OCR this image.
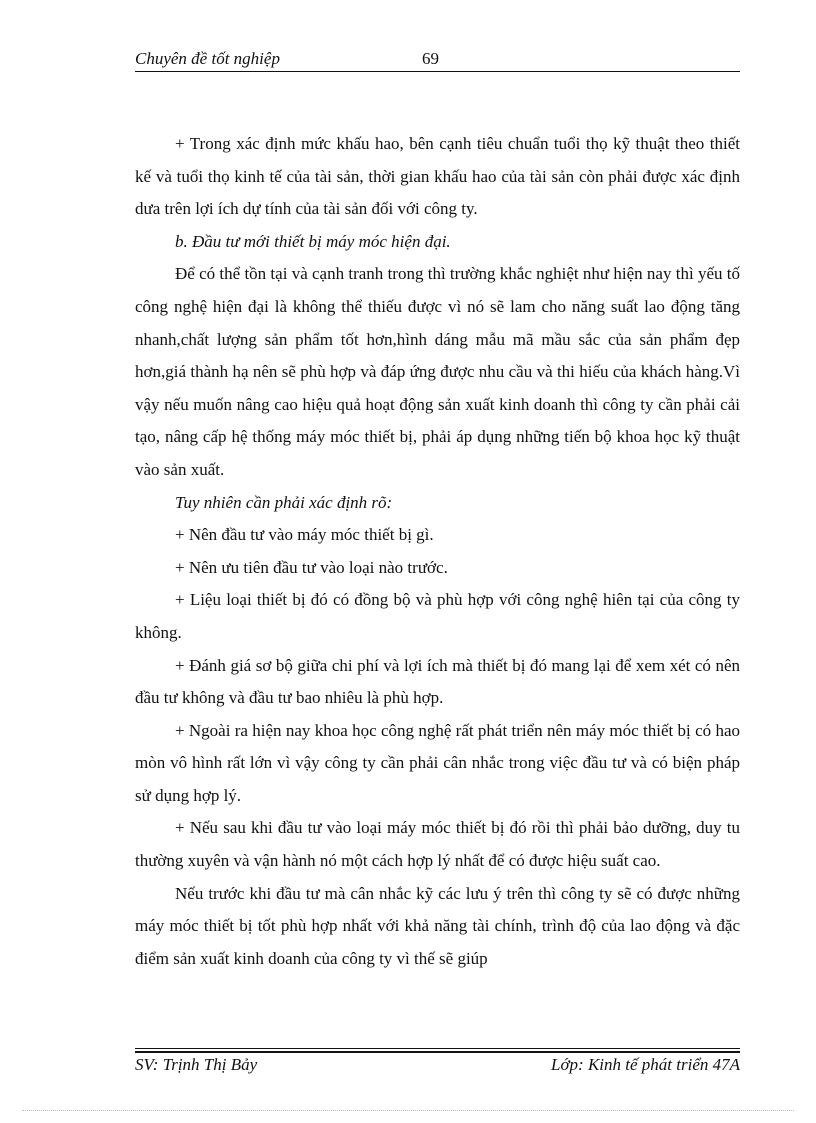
Chuyên đề tốt nghiệp	69

+ Trong xác định mức khấu hao, bên cạnh tiêu chuẩn tuổi thọ kỹ thuật theo thiết kế và tuổi thọ kinh tế của tài sản, thời gian khấu hao của tài sản còn phải được xác định dưa trên lợi ích dự tính của tài sản đối với công ty.

b. Đầu tư mới thiết bị máy móc hiện đại.

Để có thể tồn tại và cạnh tranh trong thì trường khắc nghiệt như hiện nay thì yếu tố công nghệ hiện đại là không thể thiếu được vì nó sẽ lam cho năng suất lao động tăng nhanh,chất lượng sản phẩm tốt hơn,hình dáng mẫu mã mầu sắc của sản phẩm đẹp hơn,giá thành hạ nên sẽ phù hợp và đáp ứng được nhu cầu và thi hiếu của khách hàng.Vì vậy nếu muốn nâng cao hiệu quả hoạt động sản xuất kinh doanh thì công ty cần phải cải tạo, nâng cấp hệ thống máy móc thiết bị, phải áp dụng những tiến bộ khoa học kỹ thuật vào sản xuất.

Tuy nhiên cần phải xác định rõ:

+ Nên đầu tư vào máy móc thiết bị gì.

+ Nên ưu tiên đầu tư vào loại nào trước.

+ Liệu loại thiết bị đó có đồng bộ và phù hợp với công nghệ hiên tại của công ty không.

+ Đánh giá sơ bộ giữa chi phí và lợi ích mà thiết bị đó mang lại để xem xét có nên đầu tư không và đầu tư bao nhiêu là phù hợp.

+ Ngoài ra hiện nay khoa học công nghệ rất phát triển nên máy móc thiết bị có hao mòn vô hình rất lớn vì vậy công ty cần phải cân nhắc trong việc đầu tư và có biện pháp sử dụng hợp lý.

+ Nếu sau khi đầu tư vào loại máy móc thiết bị đó rồi thì phải bảo dưỡng, duy tu thường xuyên và vận hành nó một cách hợp lý nhất để có được hiệu suất cao.

Nếu trước khi đầu tư mà cân nhắc kỹ các lưu ý trên thì công ty sẽ có được những máy móc thiết bị tốt phù hợp nhất với khả năng tài chính, trình độ của lao động và đặc điểm sản xuất kinh doanh của công ty vì thế sẽ giúp

SV: Trịnh Thị Bảy	Lớp: Kinh tế phát triển 47A
